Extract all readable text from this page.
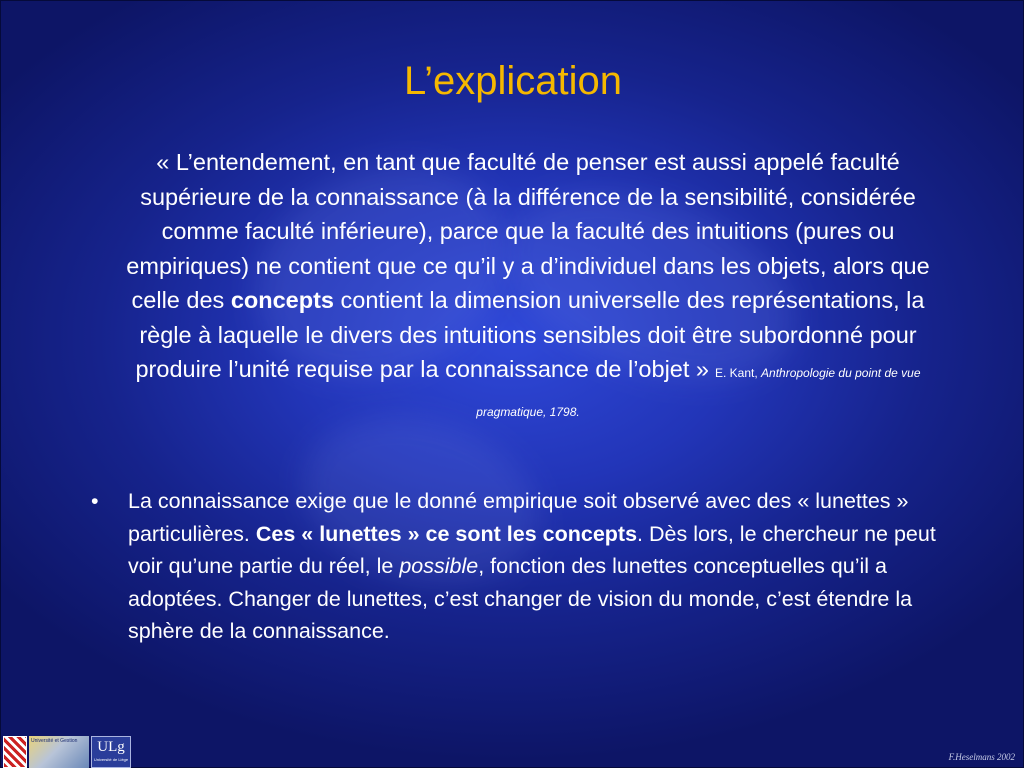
L’explication
« L’entendement, en tant que faculté de penser est aussi appelé faculté supérieure de la connaissance (à la différence de la sensibilité, considérée comme faculté inférieure), parce que la faculté des intuitions (pures ou empiriques) ne contient que ce qu’il y a d’individuel dans les objets, alors que celle des concepts contient la dimension universelle des représentations, la règle à laquelle le divers des intuitions sensibles doit être subordonné pour produire l’unité requise par la connaissance de l’objet » E. Kant, Anthropologie du point de vue pragmatique, 1798.
• La connaissance exige que le donné empirique soit observé avec des « lunettes » particulières. Ces « lunettes » ce sont les concepts. Dès lors, le chercheur ne peut voir qu’une partie du réel, le possible, fonction des lunettes conceptuelles qu’il a adoptées. Changer de lunettes, c’est changer de vision du monde, c’est étendre la sphère de la connaissance.
Université et Gestion	ULg
Université de Liège	F.Heselmans 2002
